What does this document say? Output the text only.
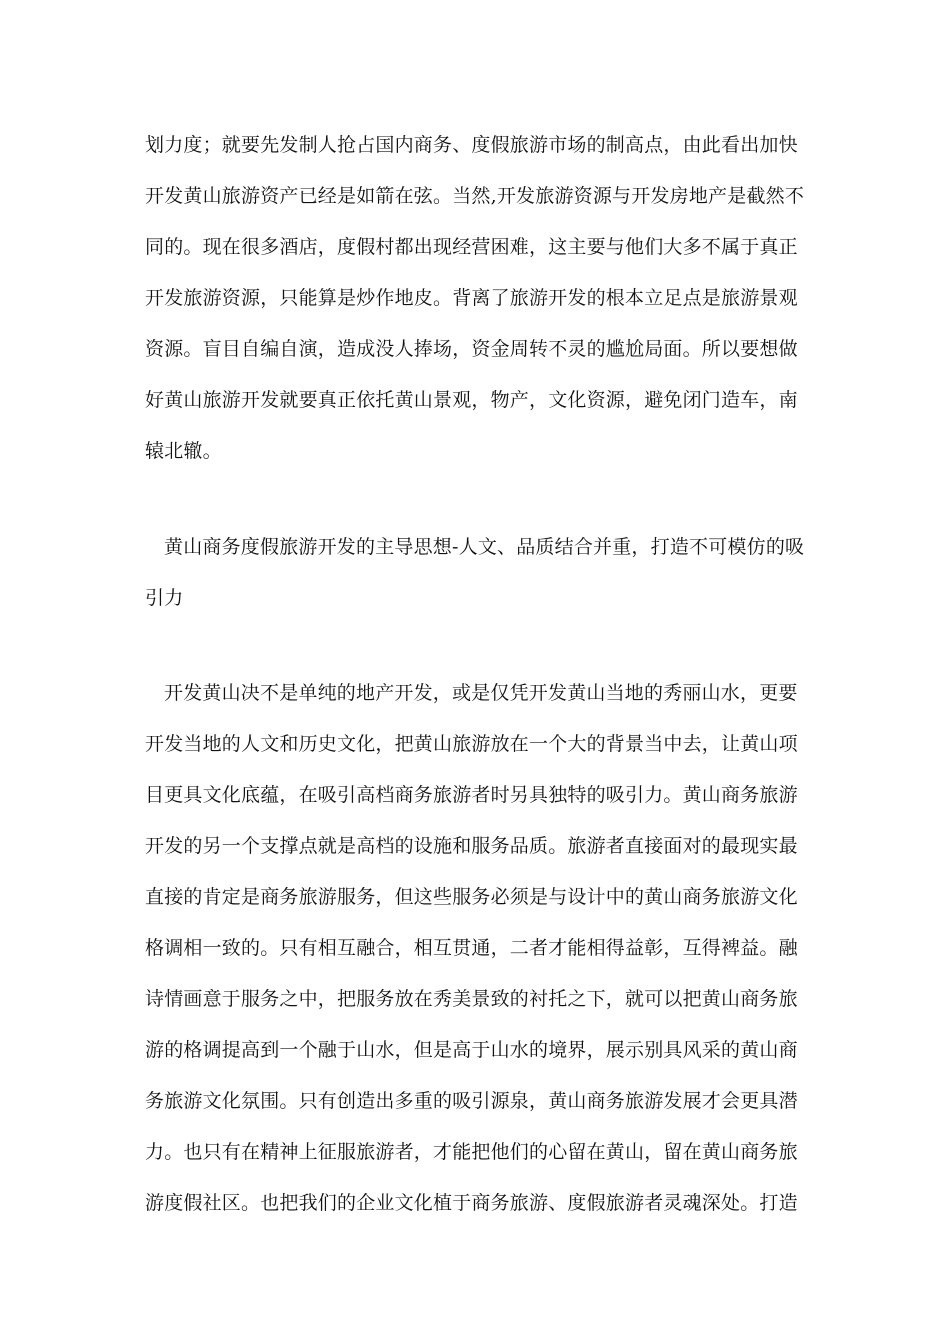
划力度；就要先发制人抢占国内商务、度假旅游市场的制高点，由此看出加快
开发黄山旅游资产已经是如箭在弦。当然,开发旅游资源与开发房地产是截然不
同的。现在很多酒店，度假村都出现经营困难，这主要与他们大多不属于真正
开发旅游资源，只能算是炒作地皮。背离了旅游开发的根本立足点是旅游景观
资源。盲目自编自演，造成没人捧场，资金周转不灵的尴尬局面。所以要想做
好黄山旅游开发就要真正依托黄山景观，物产，文化资源，避免闭门造车，南
辕北辙。
黄山商务度假旅游开发的主导思想-人文、品质结合并重，打造不可模仿的吸
引力
开发黄山决不是单纯的地产开发，或是仅凭开发黄山当地的秀丽山水，更要
开发当地的人文和历史文化，把黄山旅游放在一个大的背景当中去，让黄山项
目更具文化底蕴，在吸引高档商务旅游者时另具独特的吸引力。黄山商务旅游
开发的另一个支撑点就是高档的设施和服务品质。旅游者直接面对的最现实最
直接的肯定是商务旅游服务，但这些服务必须是与设计中的黄山商务旅游文化
格调相一致的。只有相互融合，相互贯通，二者才能相得益彰，互得裨益。融
诗情画意于服务之中，把服务放在秀美景致的衬托之下，就可以把黄山商务旅
游的格调提高到一个融于山水，但是高于山水的境界，展示别具风采的黄山商
务旅游文化氛围。只有创造出多重的吸引源泉，黄山商务旅游发展才会更具潜
力。也只有在精神上征服旅游者，才能把他们的心留在黄山，留在黄山商务旅
游度假社区。也把我们的企业文化植于商务旅游、度假旅游者灵魂深处。打造
